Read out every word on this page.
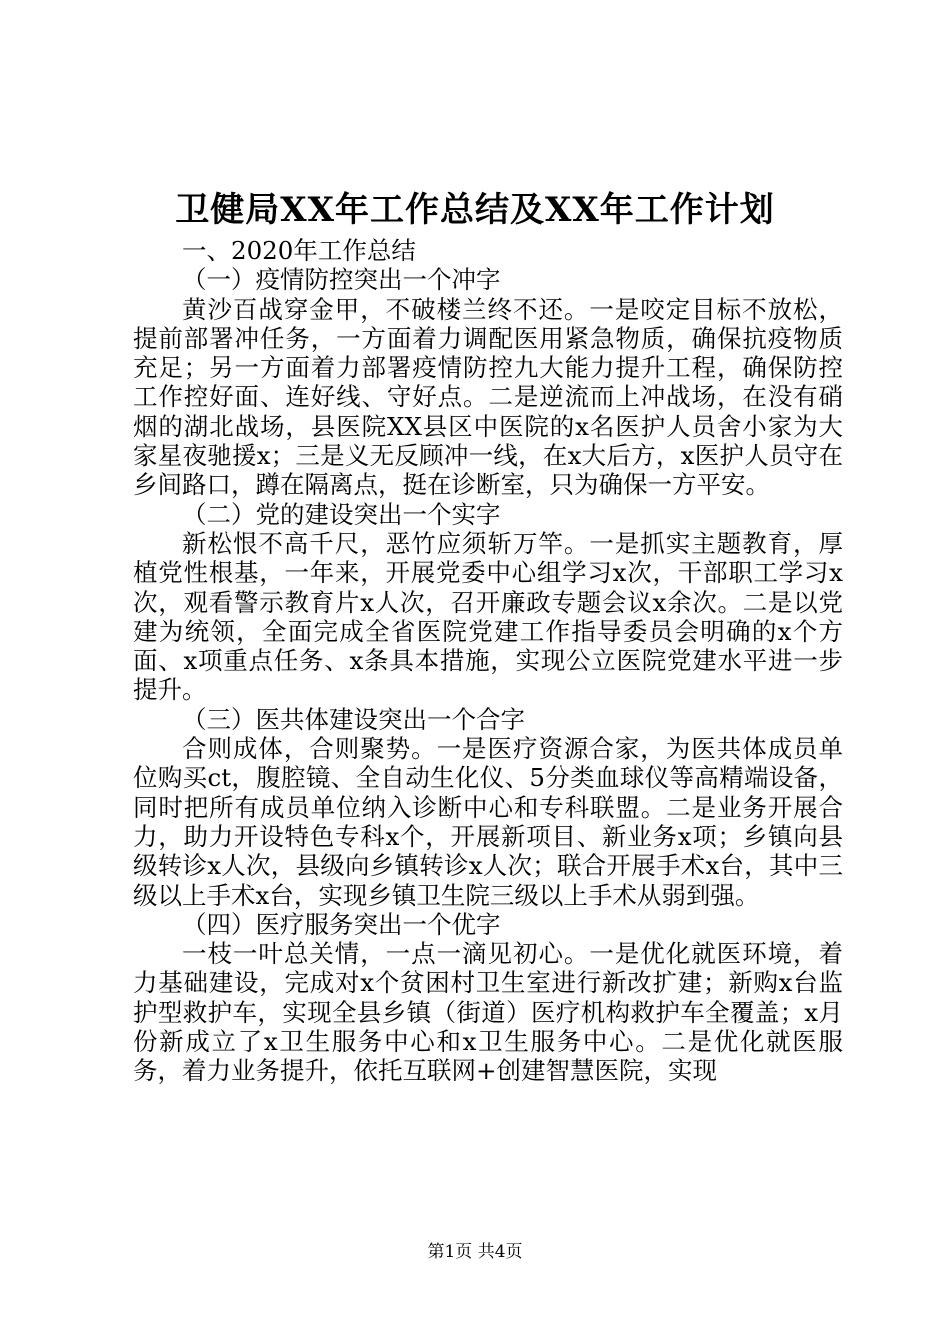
卫健局XX年工作总结及XX年工作计划

一、2020年工作总结

（一）疫情防控突出一个冲字

黄沙百战穿金甲，不破楼兰终不还。一是咬定目标不放松，提前部署冲任务，一方面着力调配医用紧急物质，确保抗疫物质充足；另一方面着力部署疫情防控九大能力提升工程，确保防控工作控好面、连好线、守好点。二是逆流而上冲战场，在没有硝烟的湖北战场，县医院XX县区中医院的x名医护人员舍小家为大家星夜驰援x；三是义无反顾冲一线，在x大后方，x医护人员守在乡间路口，蹲在隔离点，挺在诊断室，只为确保一方平安。

（二）党的建设突出一个实字

新松恨不高千尺，恶竹应须斩万竿。一是抓实主题教育，厚植党性根基，一年来，开展党委中心组学习x次，干部职工学习x次，观看警示教育片x人次，召开廉政专题会议x余次。二是以党建为统领，全面完成全省医院党建工作指导委员会明确的x个方面、x项重点任务、x条具本措施，实现公立医院党建水平进一步提升。

（三）医共体建设突出一个合字

合则成体，合则聚势。一是医疗资源合家，为医共体成员单位购买ct，腹腔镜、全自动生化仪、5分类血球仪等高精端设备，同时把所有成员单位纳入诊断中心和专科联盟。二是业务开展合力，助力开设特色专科x个，开展新项目、新业务x项；乡镇向县级转诊x人次，县级向乡镇转诊x人次；联合开展手术x台，其中三级以上手术x台，实现乡镇卫生院三级以上手术从弱到强。

（四）医疗服务突出一个优字

一枝一叶总关情，一点一滴见初心。一是优化就医环境，着力基础建设，完成对x个贫困村卫生室进行新改扩建；新购x台监护型救护车，实现全县乡镇（街道）医疗机构救护车全覆盖；x月份新成立了x卫生服务中心和x卫生服务中心。二是优化就医服务，着力业务提升，依托互联网+创建智慧医院，实现

第1页 共4页
